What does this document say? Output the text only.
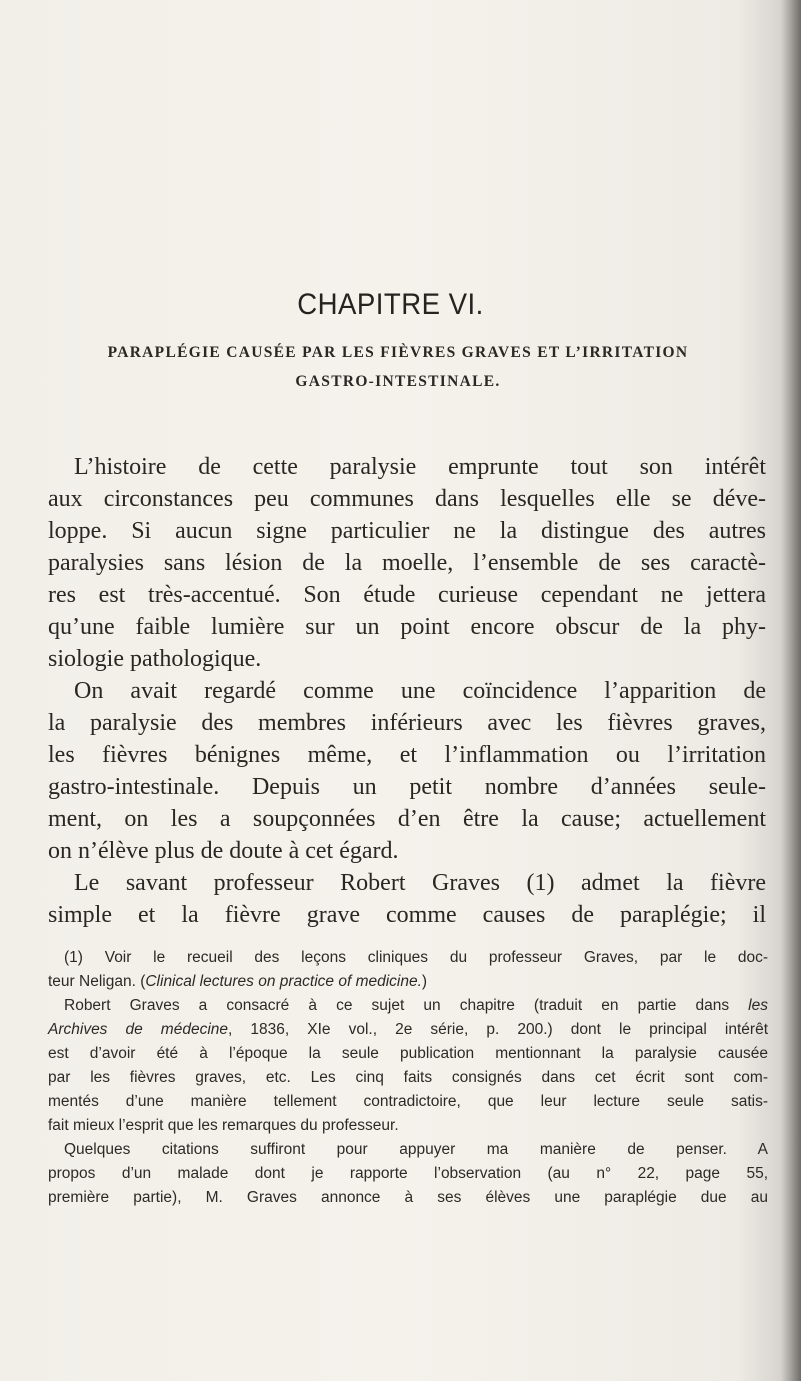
CHAPITRE VI.
PARAPLÉGIE CAUSÉE PAR LES FIÈVRES GRAVES ET L’IRRITATION
GASTRO-INTESTINALE.
L’histoire de cette paralysie emprunte tout son intérêt
aux circonstances peu communes dans lesquelles elle se déve-
loppe. Si aucun signe particulier ne la distingue des autres
paralysies sans lésion de la moelle, l’ensemble de ses caractè-
res est très-accentué. Son étude curieuse cependant ne jettera
qu’une faible lumière sur un point encore obscur de la phy-
siologie pathologique.
On avait regardé comme une coïncidence l’apparition de
la paralysie des membres inférieurs avec les fièvres graves,
les fièvres bénignes même, et l’inflammation ou l’irritation
gastro-intestinale. Depuis un petit nombre d’années seule-
ment, on les a soupçonnées d’en être la cause; actuellement
on n’élève plus de doute à cet égard.
Le savant professeur Robert Graves (1) admet la fièvre
simple et la fièvre grave comme causes de paraplégie; il
(1) Voir le recueil des leçons cliniques du professeur Graves, par le doc-
teur Neligan. (Clinical lectures on practice of medicine.)
Robert Graves a consacré à ce sujet un chapitre (traduit en partie dans les
Archives de médecine, 1836, XIe vol., 2e série, p. 200.) dont le principal intérêt
est d’avoir été à l’époque la seule publication mentionnant la paralysie causée
par les fièvres graves, etc. Les cinq faits consignés dans cet écrit sont com-
mentés d’une manière tellement contradictoire, que leur lecture seule satis-
fait mieux l’esprit que les remarques du professeur.
Quelques citations suffiront pour appuyer ma manière de penser. A
propos d’un malade dont je rapporte l’observation (au n° 22, page 55,
première partie), M. Graves annonce à ses élèves une paraplégie due au
